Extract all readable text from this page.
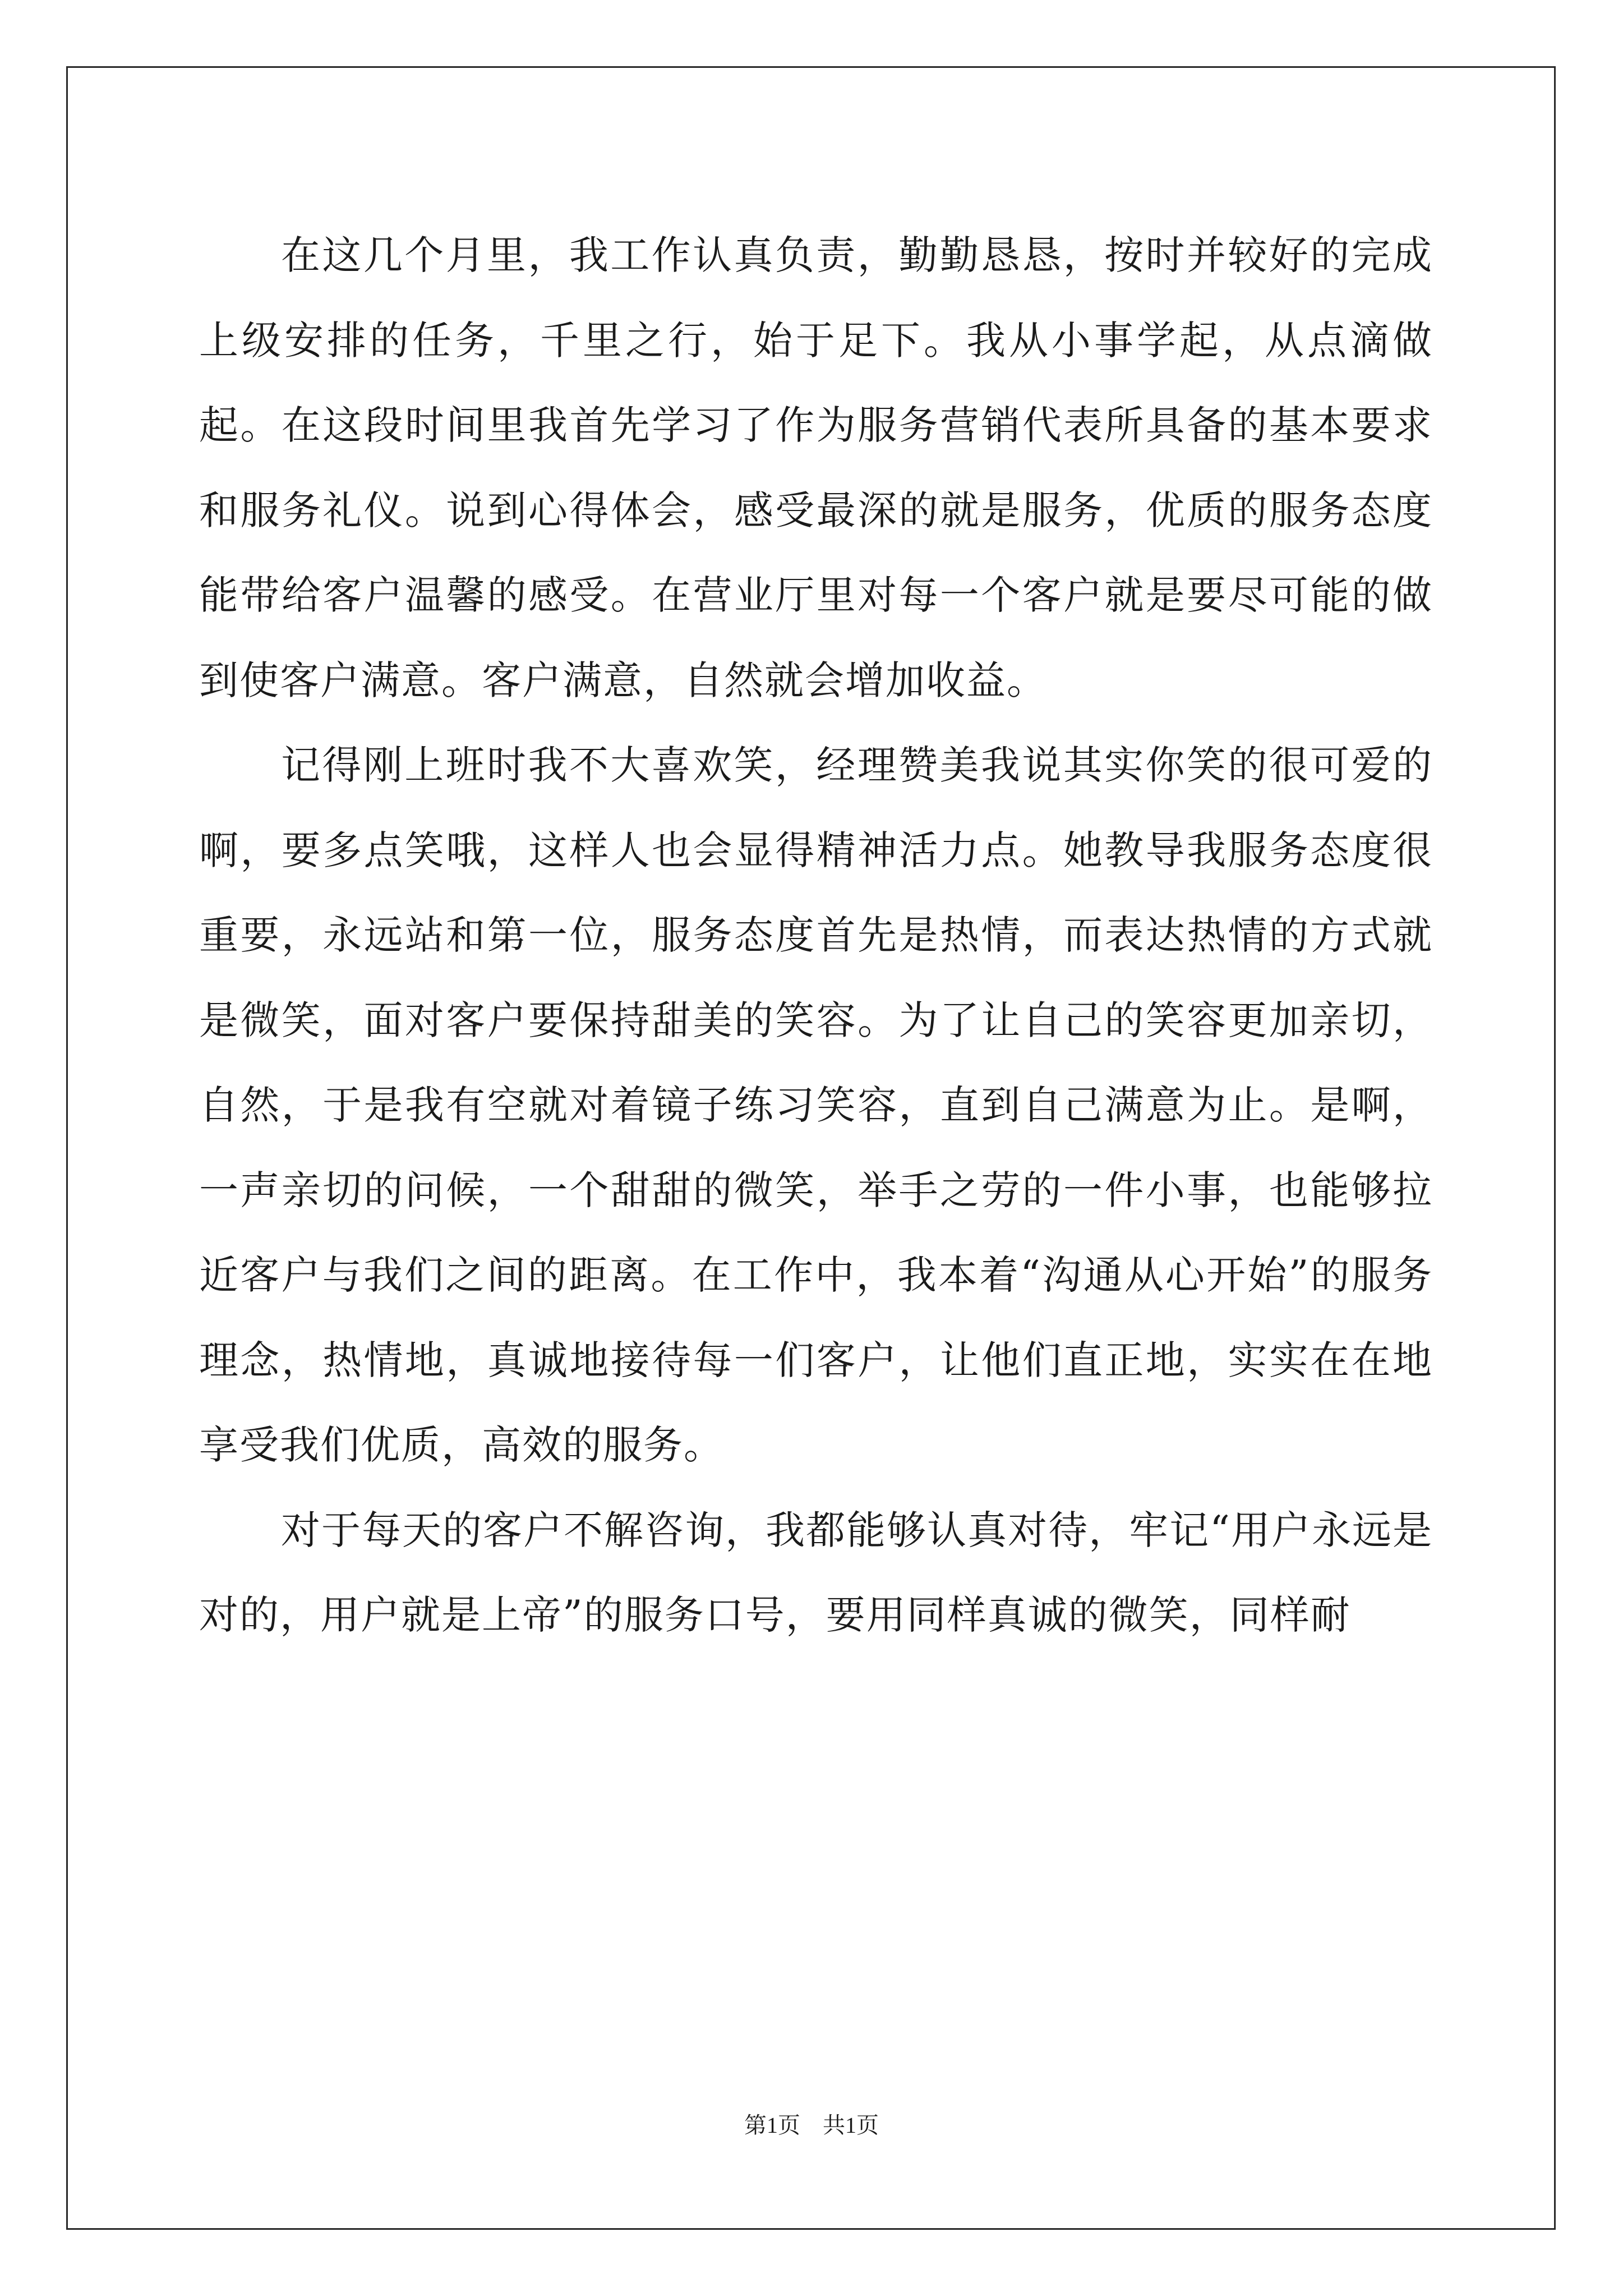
在这几个月里，我工作认真负责，勤勤恳恳，按时并较好的完成上级安排的任务，千里之行，始于足下。我从小事学起，从点滴做起。在这段时间里我首先学习了作为服务营销代表所具备的基本要求和服务礼仪。说到心得体会，感受最深的就是服务，优质的服务态度能带给客户温馨的感受。在营业厅里对每一个客户就是要尽可能的做到使客户满意。客户满意，自然就会增加收益。

记得刚上班时我不大喜欢笑，经理赞美我说其实你笑的很可爱的啊，要多点笑哦，这样人也会显得精神活力点。她教导我服务态度很重要，永远站和第一位，服务态度首先是热情，而表达热情的方式就是微笑，面对客户要保持甜美的笑容。为了让自己的笑容更加亲切，自然，于是我有空就对着镜子练习笑容，直到自己满意为止。是啊，一声亲切的问候，一个甜甜的微笑，举手之劳的一件小事，也能够拉近客户与我们之间的距离。在工作中，我本着“沟通从心开始”的服务理念，热情地，真诚地接待每一们客户，让他们直正地，实实在在地享受我们优质，高效的服务。

对于每天的客户不解咨询，我都能够认真对待，牢记“用户永远是对的，用户就是上帝”的服务口号，要用同样真诚的微笑，同样耐

第1页　共1页
